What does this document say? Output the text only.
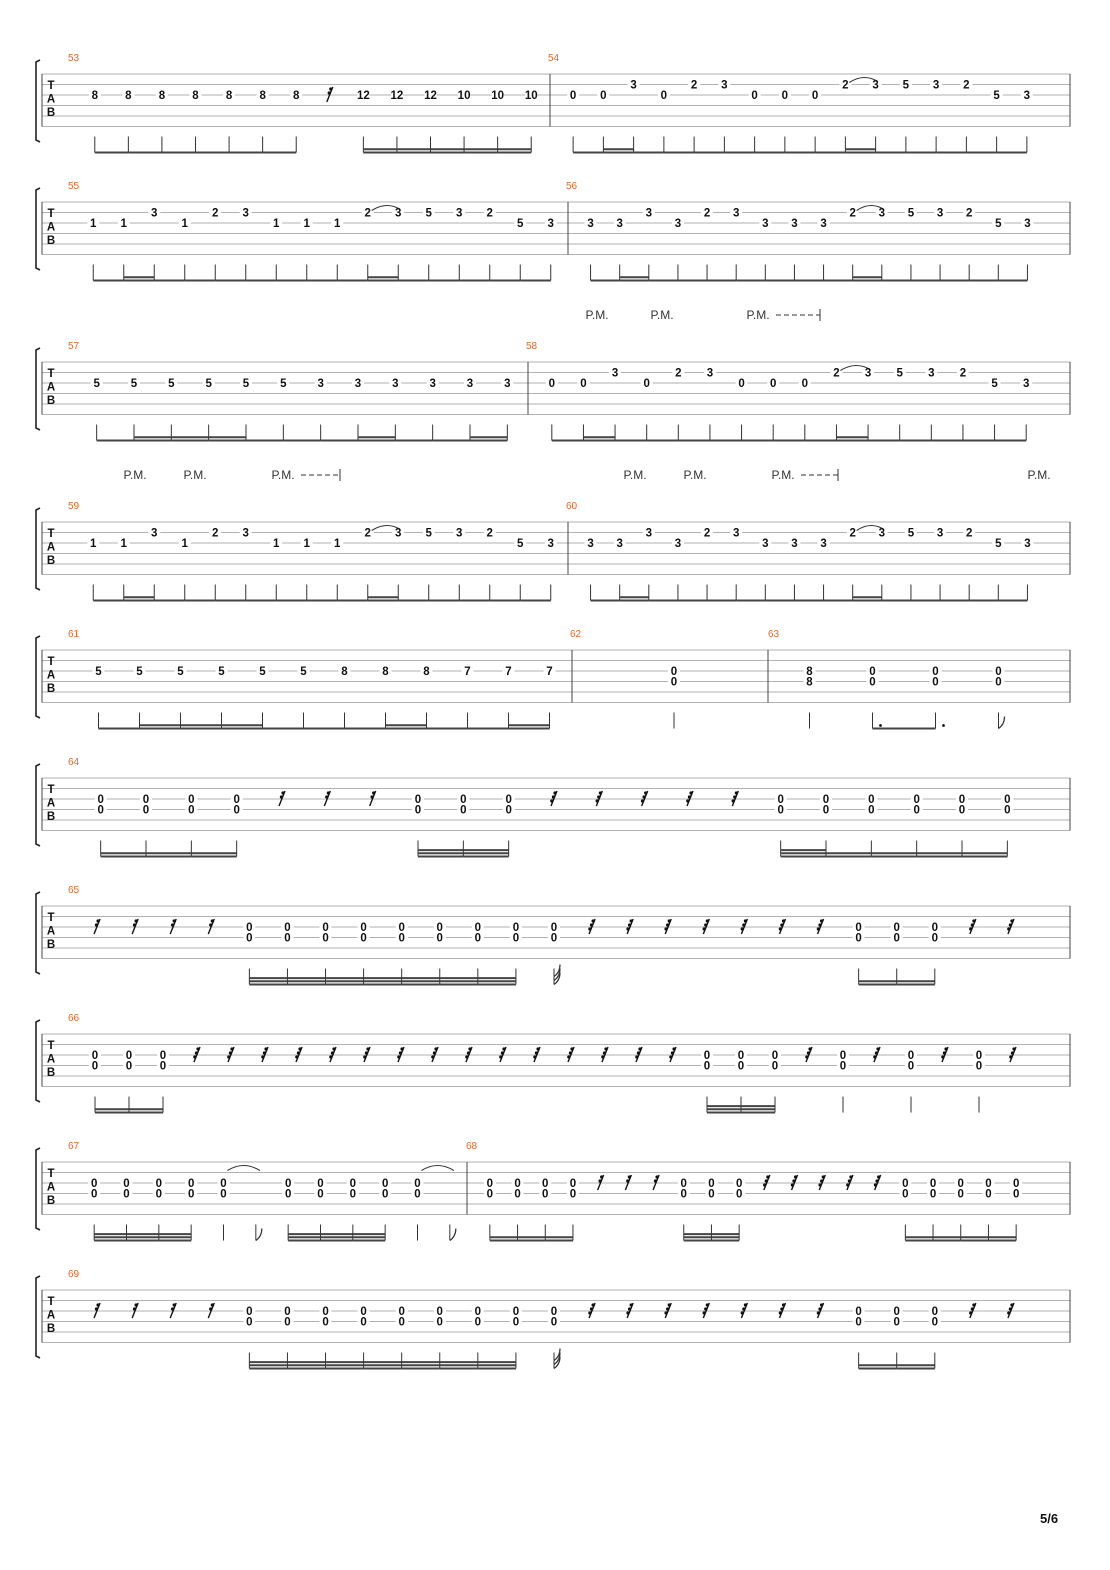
T
A
B
53
8 8 8 8 8 8 8	12 12 12 10 10 10
54
0 0
3
0
2 3
0 0 0
2 3 5 3 2
5 3
T
A
B
55
1 1
3
1
2 3
1 1 1
2 3 5 3 2
5 3
56
3 3
3
3
2 3
3 3 3
2 3 5 3 2
5 3
T
A
B
P.M.	P.M.	P.M.
57
5	5	5	5	5	5	3	3	3	3	3	3
58
0 0
3
0
2 3
0 0 0
2 3 5 3 2
5 3
T
A
B
P.M.	P.M.	P.M.	P.M.	P.M.	P.M.	P.M.
59
1 1
3
1
2 3
1 1 1
2 3 5 3 2
5 3
60
3 3
3
3
2 3
3 3 3
2 3 5 3 2
5 3
T
A
B
61
5	5	5	5	5	5	8	8	8	7	7	7
62
0
0
63
8
8
0
0
0
0
0
0
T
A
B
64
0
0
0
0
0
0
0
0
0
0
0
0
0
0
0
0
0
0
0
0
0
0
0
0
0
0
T
A
B
65
0
0
0
0
0
0
0
0
0
0
0
0
0
0
0
0
0
0
0
0
0
0
0
0
T
A
B
66
0
0
0
0
0
0
0
0
0
0
0
0
0
0
0
0
0
0
T
A
B
67
0
0
0
0
0
0
0
0
0
0
0
0
0
0
0
0
0
0
0
0
68
0
0
0
0
0
0
0
0
0
0
0
0
0
0
0
0
0
0
0
0
0
0
0
0
T
A
B
69
0
0
0
0
0
0
0
0
0
0
0
0
0
0
0
0
0
0
0
0
0
0
0
0
5/6
